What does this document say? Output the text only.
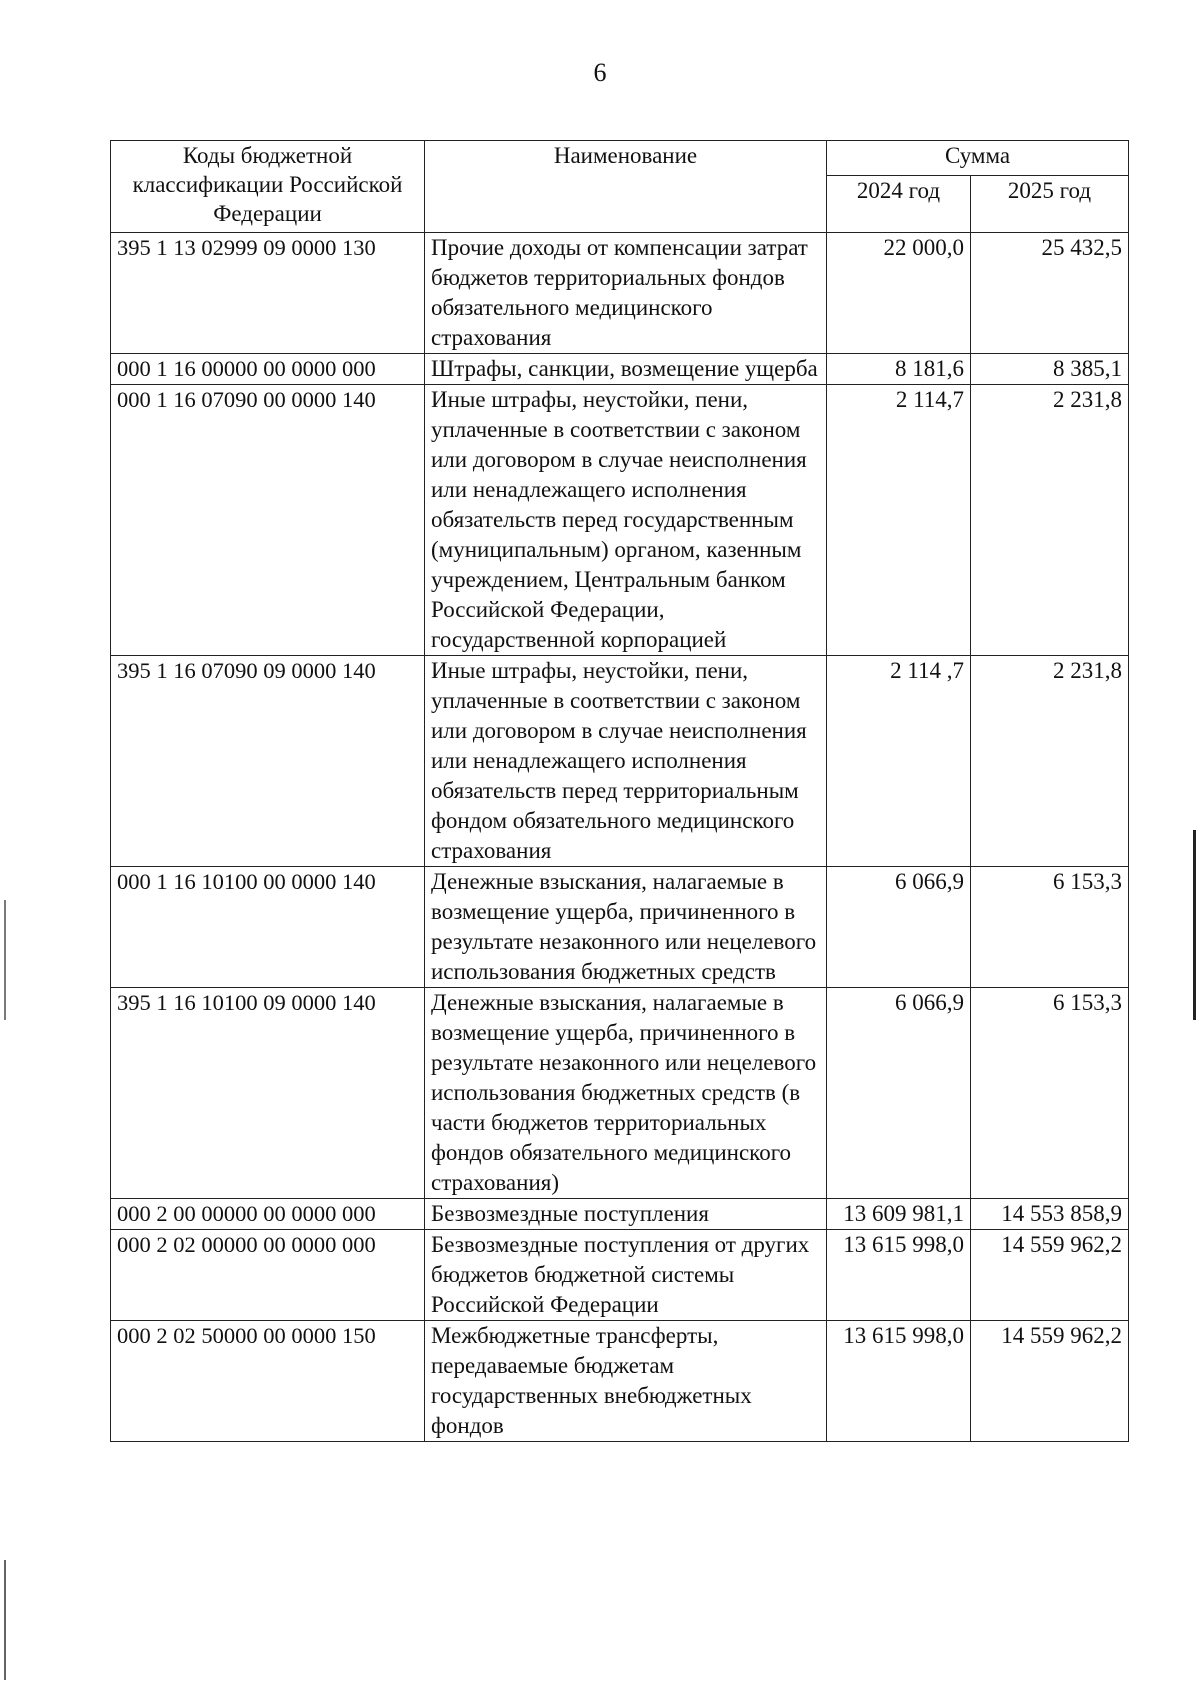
6
Коды бюджетной классификации Российской Федерации	Наименование	Сумма	
		2024 год	2025 год
395 1 13 02999 09 0000 130	Прочие доходы от компенсации затрат бюджетов территориальных фондов обязательного медицинского страхования	22 000,0	25 432,5
000 1 16 00000 00 0000 000	Штрафы, санкции, возмещение ущерба	8 181,6	8 385,1
000 1 16 07090 00 0000 140	Иные штрафы, неустойки, пени, уплаченные в соответствии с законом или договором в случае неисполнения или ненадлежащего исполнения обязательств перед государственным (муниципальным) органом, казенным учреждением, Центральным банком Российской Федерации, государственной корпорацией	2 114,7	2 231,8
395 1 16 07090 09 0000 140	Иные штрафы, неустойки, пени, уплаченные в соответствии с законом или договором в случае неисполнения или ненадлежащего исполнения обязательств перед территориальным фондом обязательного медицинского страхования	2 114 ,7	2 231,8
000 1 16 10100 00 0000 140	Денежные взыскания, налагаемые в возмещение ущерба, причиненного в результате незаконного или нецелевого использования бюджетных средств	6 066,9	6 153,3
395 1 16 10100 09 0000 140	Денежные взыскания, налагаемые в возмещение ущерба, причиненного в результате незаконного или нецелевого использования бюджетных средств (в части бюджетов территориальных фондов обязательного медицинского страхования)	6 066,9	6 153,3
000 2 00 00000 00 0000 000	Безвозмездные поступления	13 609 981,1	14 553 858,9
000 2 02 00000 00 0000 000	Безвозмездные поступления от других бюджетов бюджетной системы Российской Федерации	13 615 998,0	14 559 962,2
000 2 02 50000 00 0000 150	Межбюджетные трансферты, передаваемые бюджетам государственных внебюджетных фондов	13 615 998,0	14 559 962,2
